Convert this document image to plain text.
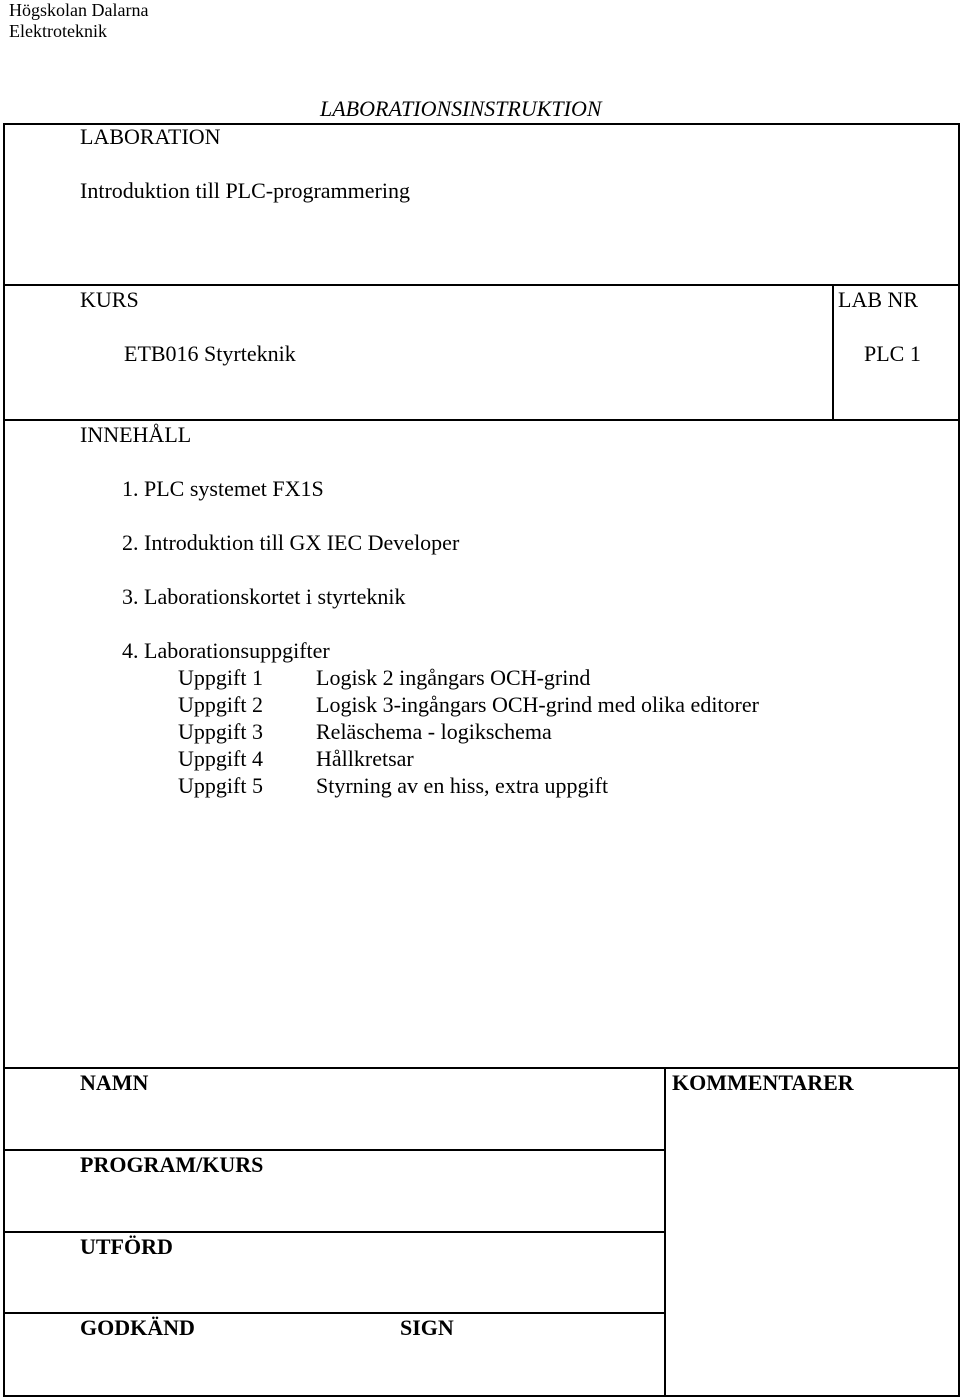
Högskolan Dalarna
Elektroteknik
LABORATIONSINSTRUKTION
LABORATION
Introduktion till PLC-programmering
KURS
ETB016 Styrteknik
LAB NR
PLC 1
INNEHÅLL
1. PLC systemet FX1S
2. Introduktion till GX IEC Developer
3. Laborationskortet i styrteknik
4. Laborationsuppgifter
Uppgift 1 Logisk 2 ingångars OCH-grind
Uppgift 2 Logisk 3-ingångars OCH-grind med olika editorer
Uppgift 3 Reläschema - logikschema
Uppgift 4 Hållkretsar
Uppgift 5 Styrning av en hiss, extra uppgift
NAMN
PROGRAM/KURS
UTFÖRD
GODKÄND	SIGN
KOMMENTARER
